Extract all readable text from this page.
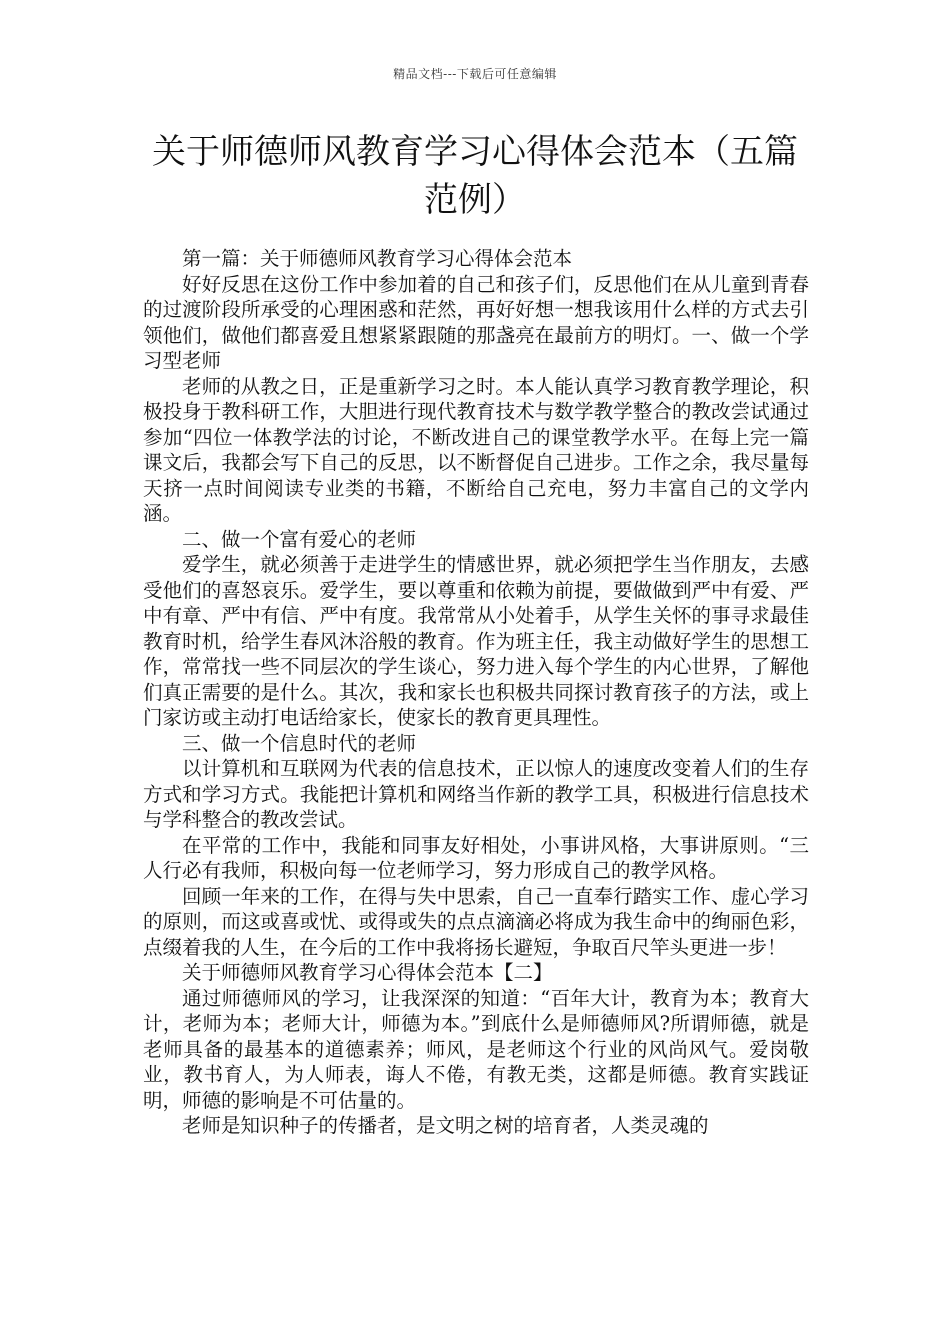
精品文档---下载后可任意编辑
关于师德师风教育学习心得体会范本（五篇范例）

第一篇：关于师德师风教育学习心得体会范本

好好反思在这份工作中参加着的自己和孩子们，反思他们在从儿童到青春的过渡阶段所承受的心理困惑和茫然，再好好想一想我该用什么样的方式去引领他们，做他们都喜爱且想紧紧跟随的那盏亮在最前方的明灯。一、做一个学习型老师

老师的从教之日，正是重新学习之时。本人能认真学习教育教学理论，积极投身于教科研工作，大胆进行现代教育技术与数学教学整合的教改尝试通过参加“四位一体教学法的讨论，不断改进自己的课堂教学水平。在每上完一篇课文后，我都会写下自己的反思，以不断督促自己进步。工作之余，我尽量每天挤一点时间阅读专业类的书籍，不断给自己充电，努力丰富自己的文学内涵。

二、做一个富有爱心的老师

爱学生，就必须善于走进学生的情感世界，就必须把学生当作朋友，去感受他们的喜怒哀乐。爱学生，要以尊重和依赖为前提，要做做到严中有爱、严中有章、严中有信、严中有度。我常常从小处着手，从学生关怀的事寻求最佳教育时机，给学生春风沐浴般的教育。作为班主任，我主动做好学生的思想工作，常常找一些不同层次的学生谈心，努力进入每个学生的内心世界，了解他们真正需要的是什么。其次，我和家长也积极共同探讨教育孩子的方法，或上门家访或主动打电话给家长，使家长的教育更具理性。

三、做一个信息时代的老师

以计算机和互联网为代表的信息技术，正以惊人的速度改变着人们的生存方式和学习方式。我能把计算机和网络当作新的教学工具，积极进行信息技术与学科整合的教改尝试。

在平常的工作中，我能和同事友好相处，小事讲风格，大事讲原则。“三人行必有我师，积极向每一位老师学习，努力形成自己的教学风格。

回顾一年来的工作，在得与失中思索，自己一直奉行踏实工作、虚心学习的原则，而这或喜或忧、或得或失的点点滴滴必将成为我生命中的绚丽色彩，点缀着我的人生，在今后的工作中我将扬长避短，争取百尺竿头更进一步！

关于师德师风教育学习心得体会范本【二】

通过师德师风的学习，让我深深的知道：“百年大计，教育为本；教育大计，老师为本；老师大计，师德为本。”到底什么是师德师风?所谓师德，就是老师具备的最基本的道德素养；师风，是老师这个行业的风尚风气。爱岗敬业，教书育人，为人师表，诲人不倦，有教无类，这都是师德。教育实践证明，师德的影响是不可估量的。

老师是知识种子的传播者，是文明之树的培育者，人类灵魂的
